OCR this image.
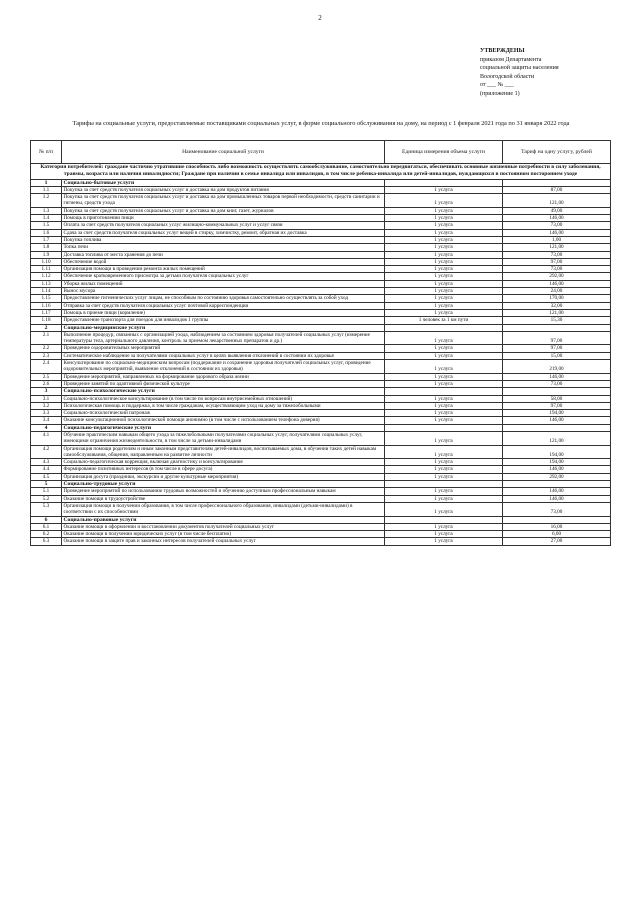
2
УТВЕРЖДЕНЫ
приказом Департамента
социальной защиты населения
Вологодской области
от ___ № ___
(приложение 1)
Тарифы на социальные услуги, предоставляемые поставщиками социальных услуг, в форме социального обслуживания на дому, на период с 1 февраля 2021 года по 31 января 2022 года
№ п/п	Наименование социальной услуги	Единица измерения объема услуги	Тариф на одну услугу, рублей
Категория потребителей: граждане частично утратившие способность либо возможность осуществлять самообслуживание, самостоятельно передвигаться, обеспечивать основные жизненные потребности в силу заболевания, травмы, возраста или наличия инвалидности; Граждане при наличии в семье инвалида или инвалидов, в том числе ребенка-инвалида или детей-инвалидов, нуждающихся в постоянном постороннем уходе			
1	Социально-бытовые услуги		
1.1	Покупка за счет средств получателя социальных услуг и доставка на дом продуктов питания	1 услуга	87,00
1.2	Покупка за счет средств получателя социальных услуг и доставка на дом промышленных товаров первой необходимости, средств санитарии и гигиены, средств ухода	1 услуга	121,00
1.3	Покупка за счет средств получателя социальных услуг и доставка на дом книг, газет, журналов	1 услуга	49,00
1.4	Помощь в приготовлении пищи	1 услуга	146,00
1.5	Оплата за счет средств получателя социальных услуг жилищно-коммунальных услуг и услуг связи	1 услуга	73,00
1.6	Сдача за счет средств получателя социальных услуг вещей в стирку, химчистку, ремонт, обратная их доставка	1 услуга	146,00
1.7	Покупка топлива	1 услуга	1,00
1.8	Топка печи	1 услуга	121,00
1.9	Доставка топлива от места хранения до печи	1 услуга	73,00
1.10	Обеспечение водой	1 услуга	97,00
1.11	Организация помощи в проведении ремонта жилых помещений	1 услуга	73,00
1.12	Обеспечение кратковременного присмотра за детьми получателя социальных услуг	1 услуга	292,00
1.13	Уборка жилых помещений	1 услуга	146,00
1.14	Вынос мусора	1 услуга	24,00
1.15	Предоставление гигиенических услуг лицам, не способным по состоянию здоровья самостоятельно осуществлять за собой уход	1 услуга	170,00
1.16	Отправка за счет средств получателя социальных услуг почтовой корреспонденции	1 услуга	32,00
1.17	Помощь в приеме пищи (кормление)	1 услуга	121,00
1.18	Предоставление транспорта для поездок для инвалидов 1 группы	1 человек за 1 км пути	15,30
2	Социально-медицинские услуги		
2.1	Выполнение процедур, связанных с организацией ухода, наблюдением за состоянием здоровья получателей социальных услуг (измерение температуры тела, артериального давления, контроль за приемом лекарственных препаратов и др.)	1 услуга	97,00
2.2	Проведение оздоровительных мероприятий	1 услуга	97,00
2.3	Систематическое наблюдение за получателями социальных услуг в целях выявления отклонений в состоянии их здоровья	1 услуга	15,00
2.4	Консультирование по социально-медицинским вопросам (поддержание и сохранение здоровья получателей социальных услуг, проведение оздоровительных мероприятий, выявление отклонений в состоянии их здоровья)	1 услуга	219,00
2.5	Проведение мероприятий, направленных на формирование здорового образа жизни	1 услуга	146,00
2.6	Проведение занятий по адаптивной физической культуре	1 услуга	73,00
3	Социально-психологические услуги		
3.1	Социально-психологическое консультирование (в том числе по вопросам внутрисемейных отношений)	1 услуга	58,00
3.2	Психологическая помощь и поддержка, в том числе гражданам, осуществляющим уход на дому за тяжелобольными	1 услуга	97,00
3.3	Социально-психологический патронаж	1 услуга	194,00
3.4	Оказание консультационной психологической помощи анонимно (в том числе с использованием телефона доверия)	1 услуга	146,00
4	Социально-педагогические услуги		
4.1	Обучение практическим навыкам общего ухода за тяжелобольными получателями социальных услуг, получателями социальных услуг, имеющими ограничения жизнедеятельности, в том числе за детьми-инвалидами	1 услуга	121,00
4.2	Организация помощи родителям и иным законным представителям детей-инвалидов, воспитываемых дома, в обучении таких детей навыкам самообслуживания, общения, направленным на развитие личности	1 услуга	194,00
4.3	Социально-педагогическая коррекция, включая диагностику и консультирование	1 услуга	194,00
4.4	Формирование позитивных интересов (в том числе в сфере досуга)	1 услуга	146,00
4.5	Организация досуга (праздники, экскурсии и другие культурные мероприятия)	1 услуга	292,00
5	Социально-трудовые услуги		
5.1	Проведение мероприятий по использованию трудовых возможностей и обучению доступным профессиональным навыкам	1 услуга	146,00
5.2	Оказание помощи в трудоустройстве	1 услуга	146,00
5.3	Организация помощи в получении образования, в том числе профессионального образования, инвалидами (детьми-инвалидами) в соответствии с их способностями	1 услуга	73,00
6	Социально-правовые услуги		
6.1	Оказание помощи в оформлении и восстановлении документов получателей социальных услуг	1 услуга	16,00
6.2	Оказание помощи в получении юридических услуг (в том числе бесплатно)	1 услуга	6,00
6.3	Оказание помощи в защите прав и законных интересов получателей социальных услуг	1 услуга	27,00
